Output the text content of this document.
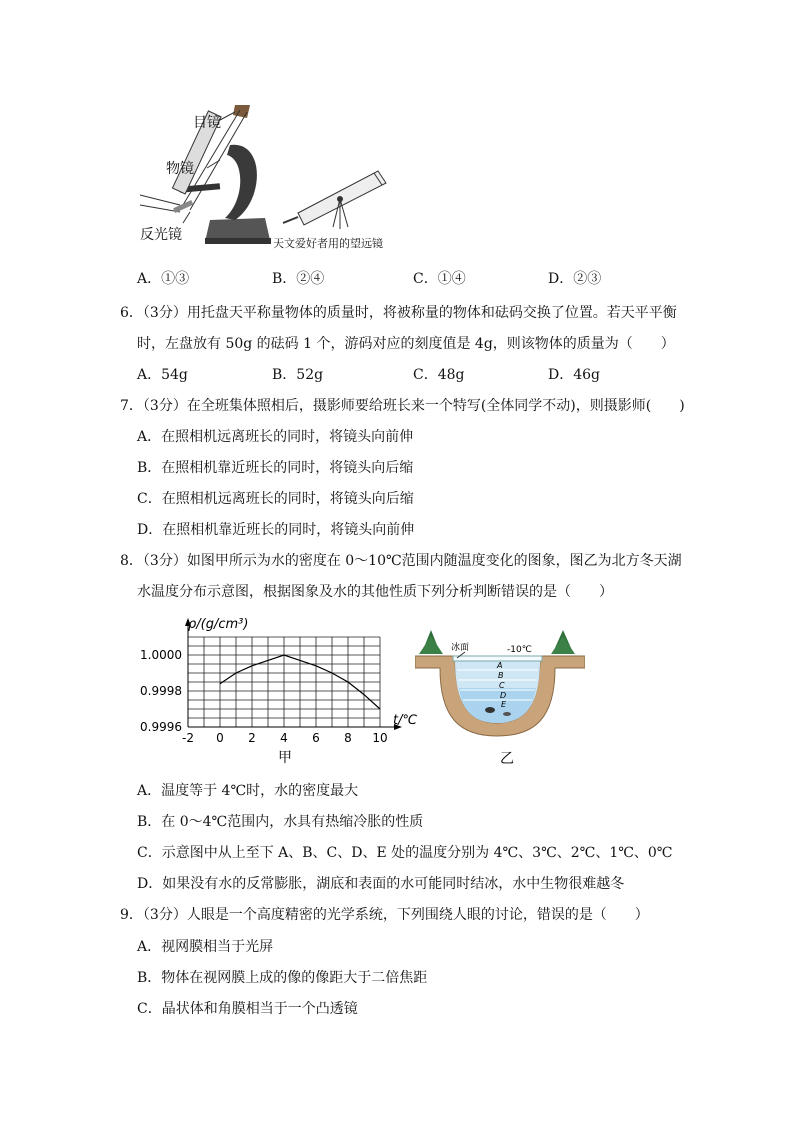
目镜
物镜
反光镜
天文爱好者用的望远镜
A．①③	B．②④	C．①④	D．②③
6．（3分）用托盘天平称量物体的质量时，将被称量的物体和砝码交换了位置。若天平平衡
时，左盘放有 50g 的砝码 1 个，游码对应的刻度值是 4g，则该物体的质量为（　　）
A．54g	B．52g	C．48g	D．46g
7．（3分）在全班集体照相后，摄影师要给班长来一个特写(全体同学不动)，则摄影师(　　)
A．在照相机远离班长的同时，将镜头向前伸
B．在照相机靠近班长的同时，将镜头向后缩
C．在照相机远离班长的同时，将镜头向后缩
D．在照相机靠近班长的同时，将镜头向前伸
8．（3分）如图甲所示为水的密度在 0～10℃范围内随温度变化的图象，图乙为北方冬天湖
水温度分布示意图，根据图象及水的其他性质下列分析判断错误的是（　　）
-2 0 2 4 6 8 10
1.0000
0.9998
0.9996
ρ/(g/cm³)
t/℃
甲
冰面	-10℃
A
B
C
D
E
乙
A．温度等于 4℃时，水的密度最大
B．在 0～4℃范围内，水具有热缩冷胀的性质
C．示意图中从上至下 A、B、C、D、E 处的温度分别为 4℃、3℃、2℃、1℃、0℃
D．如果没有水的反常膨胀，湖底和表面的水可能同时结冰，水中生物很难越冬
9．（3分）人眼是一个高度精密的光学系统，下列围绕人眼的讨论，错误的是（　　）
A．视网膜相当于光屏
B．物体在视网膜上成的像的像距大于二倍焦距
C．晶状体和角膜相当于一个凸透镜
